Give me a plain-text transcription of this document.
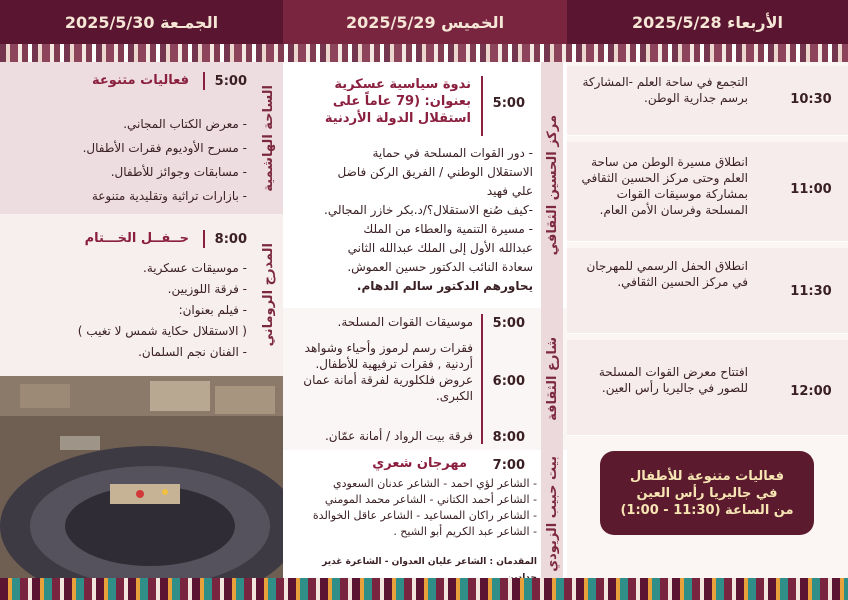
الجمـعة 2025/5/30	الخميس 2025/5/29	الأربعاء 2025/5/28
الساحة الهاشمية
5:00
فعاليات متنوعة
- معرض الكتاب المجاني.
- مسرح الأوديوم فقرات الأطفال.
- مسابقات وجوائز للأطفال.
- بازارات تراثية وتقليدية متنوعة
المدرج الروماني
8:00
حــفــل الخـــتام
- موسيقات عسكرية.
- فرقة اللوزيين.
- فيلم بعنوان:
( الاستقلال حكاية شمس لا تغيب )
- الفنان نجم السلمان.
مركز الحسين الثقافي
5:00
ندوة سياسية عسكرية
بعنوان: (79 عاماً على
استقلال الدولة الأردنية
- دور القوات المسلحة في حماية
الاستقلال الوطني / الفريق الركن فاضل
علي فهيد
-كيف صُنع الاستقلال؟/د.بكر خازر المجالي.
- مسيرة التنمية والعطاء من الملك
عبدالله الأول إلى الملك عبدالله الثاني
سعادة النائب الدكتور حسين العموش.
يحاورهم الدكتور سالم الدهام.
شارع الثقافة
5:00
موسيقات القوات المسلحة.
6:00
فقرات رسم لرموز وأحياء وشواهد أردنية , فقرات ترفيهية للأطفال. عروض فلكلورية لفرقة أمانة عمان الكبرى.
8:00
فرقة بيت الرواد / أمانة عمّان.
بيت حبيب الزيودي
7:00
مهرجان شعري
- الشاعر لؤي احمد - الشاعر عدنان السعودي
- الشاعر أحمد الكتاني - الشاعر محمد المومني
- الشاعر راكان المساعيد - الشاعر عاقل الخوالدة
- الشاعر عبد الكريم أبو الشيح .
المقدمان : الشاعر عليان العدوان - الشاعرة غدير
10:30
التجمع في ساحة العلم -المشاركة برسم جدارية الوطن.
11:00
انطلاق مسيرة الوطن من ساحة العلم وحتى مركز الحسين الثقافي بمشاركة موسيقات القوات المسلحة وفرسان الأمن العام.
11:30
انطلاق الحفل الرسمي للمهرجان في مركز الحسين الثقافي.
12:00
افتتاح معرض القوات المسلحة للصور في جاليريا رأس العين.
فعاليات متنوعة للأطفال
في جاليريا رأس العين
من الساعة (11:30 - 1:00)
